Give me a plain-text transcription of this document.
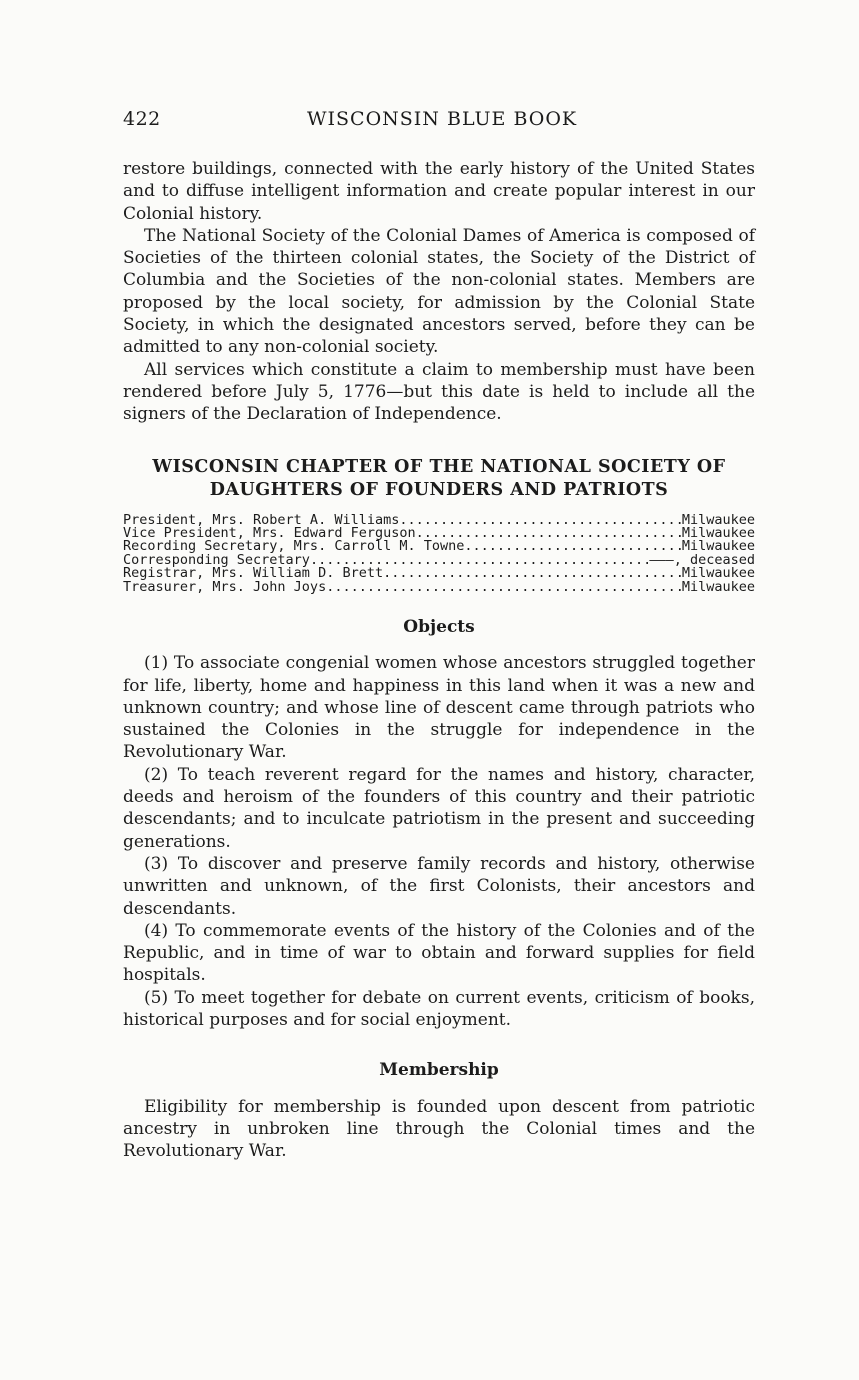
422	WISCONSIN BLUE BOOK

restore buildings, connected with the early history of the United States and to diffuse intelligent information and create popular interest in our Colonial history.

The National Society of the Colonial Dames of America is composed of Societies of the thirteen colonial states, the Society of the District of Columbia and the Societies of the non-colonial states. Members are proposed by the local society, for admission by the Colonial State Society, in which the designated ancestors served, before they can be admitted to any non-colonial society.

All services which constitute a claim to membership must have been rendered before July 5, 1776—but this date is held to include all the signers of the Declaration of Independence.

WISCONSIN CHAPTER OF THE NATIONAL SOCIETY OF
DAUGHTERS OF FOUNDERS AND PATRIOTS
President, Mrs. Robert A. Williams .....	Milwaukee
Vice President, Mrs. Edward Ferguson .....	Milwaukee
Recording Secretary, Mrs. Carroll M. Towne .....	Milwaukee
Corresponding Secretary .....	———, deceased
Registrar, Mrs. William D. Brett .....	Milwaukee
Treasurer, Mrs. John Joys .....	Milwaukee
Objects

(1) To associate congenial women whose ancestors struggled together for life, liberty, home and happiness in this land when it was a new and unknown country; and whose line of descent came through patriots who sustained the Colonies in the struggle for independence in the Revolutionary War.

(2) To teach reverent regard for the names and history, character, deeds and heroism of the founders of this country and their patriotic descendants; and to inculcate patriotism in the present and succeeding generations.

(3) To discover and preserve family records and history, otherwise unwritten and unknown, of the first Colonists, their ancestors and descendants.

(4) To commemorate events of the history of the Colonies and of the Republic, and in time of war to obtain and forward supplies for field hospitals.

(5) To meet together for debate on current events, criticism of books, historical purposes and for social enjoyment.

Membership

Eligibility for membership is founded upon descent from patriotic ancestry in unbroken line through the Colonial times and the Revolutionary War.
